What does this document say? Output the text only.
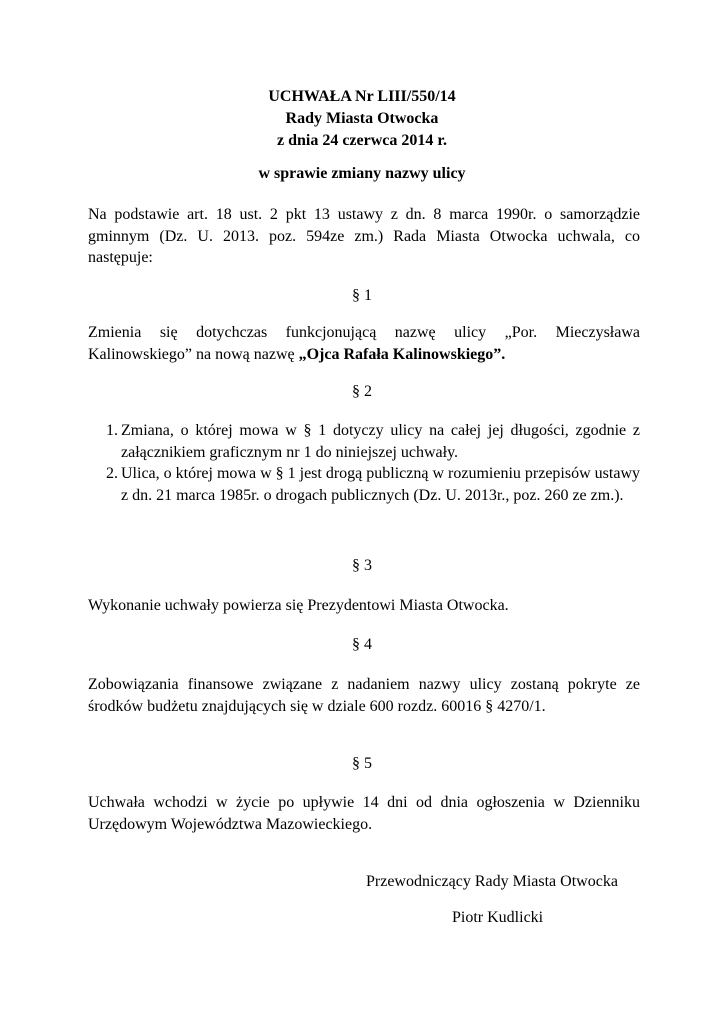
UCHWAŁA Nr LIII/550/14
Rady Miasta Otwocka
z dnia 24 czerwca 2014 r.
w sprawie zmiany nazwy ulicy
Na podstawie art. 18 ust. 2 pkt 13 ustawy z dn. 8 marca 1990r. o samorządzie gminnym (Dz. U. 2013. poz. 594ze zm.) Rada Miasta Otwocka uchwala, co następuje:
§ 1
Zmienia się dotychczas funkcjonującą nazwę ulicy „Por. Mieczysława Kalinowskiego” na nową nazwę „Ojca Rafała Kalinowskiego”.
§ 2
1. Zmiana, o której mowa w § 1 dotyczy ulicy na całej jej długości, zgodnie z załącznikiem graficznym nr 1 do niniejszej uchwały.
2. Ulica, o której mowa w § 1 jest drogą publiczną w rozumieniu przepisów ustawy z dn. 21 marca 1985r. o drogach publicznych (Dz. U. 2013r., poz. 260 ze zm.).
§ 3
Wykonanie uchwały powierza się Prezydentowi Miasta Otwocka.
§ 4
Zobowiązania finansowe związane z nadaniem nazwy ulicy zostaną pokryte ze środków budżetu znajdujących się w dziale 600 rozdz. 60016 § 4270/1.
§ 5
Uchwała wchodzi w życie po upływie 14 dni od dnia ogłoszenia w Dzienniku Urzędowym Województwa Mazowieckiego.
Przewodniczący Rady Miasta Otwocka
Piotr Kudlicki
